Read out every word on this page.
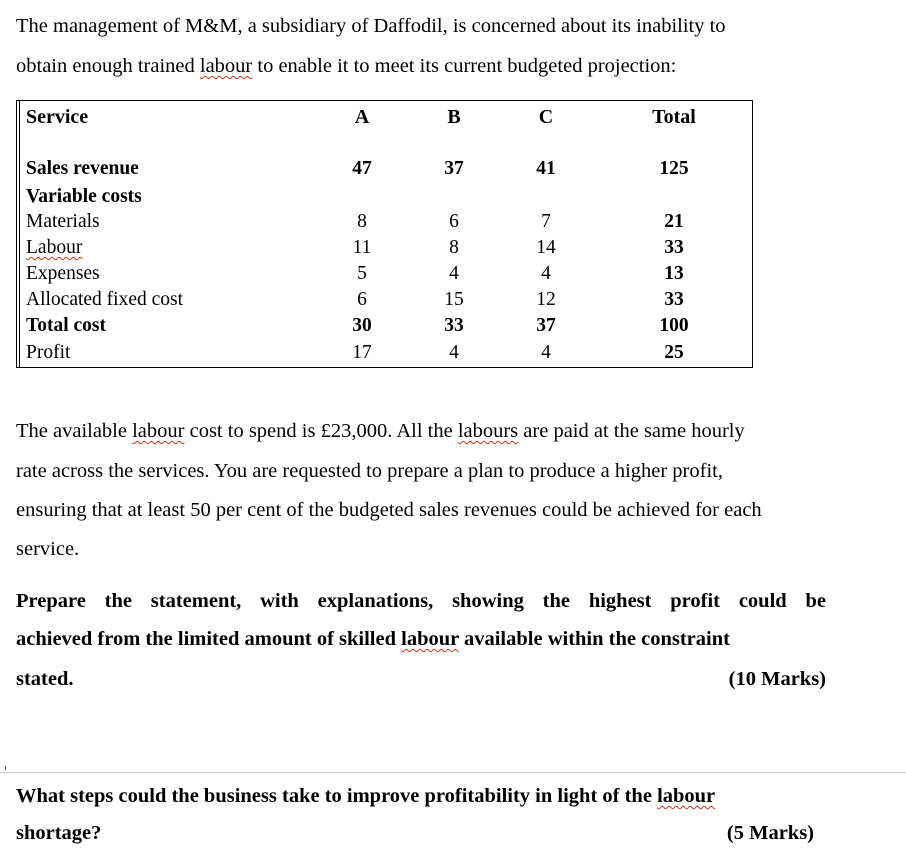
The management of M&M, a subsidiary of Daffodil, is concerned about its inability to
obtain enough trained labour to enable it to meet its current budgeted projection:
Service	A	B	C	Total
Sales revenue	47	37	41	125
Variable costs
Materials	8	6	7	21
Labour	11	8	14	33
Expenses	5	4	4	13
Allocated fixed cost	6	15	12	33
Total cost	30	33	37	100
Profit	17	4	4	25
The available labour cost to spend is £23,000. All the labours are paid at the same hourly
rate across the services. You are requested to prepare a plan to produce a higher profit,
ensuring that at least 50 per cent of the budgeted sales revenues could be achieved for each
service.
Prepare the statement, with explanations, showing the highest profit could be
achieved from the limited amount of skilled labour available within the constraint
stated.	(10 Marks)
What steps could the business take to improve profitability in light of the labour
shortage?	(5 Marks)
